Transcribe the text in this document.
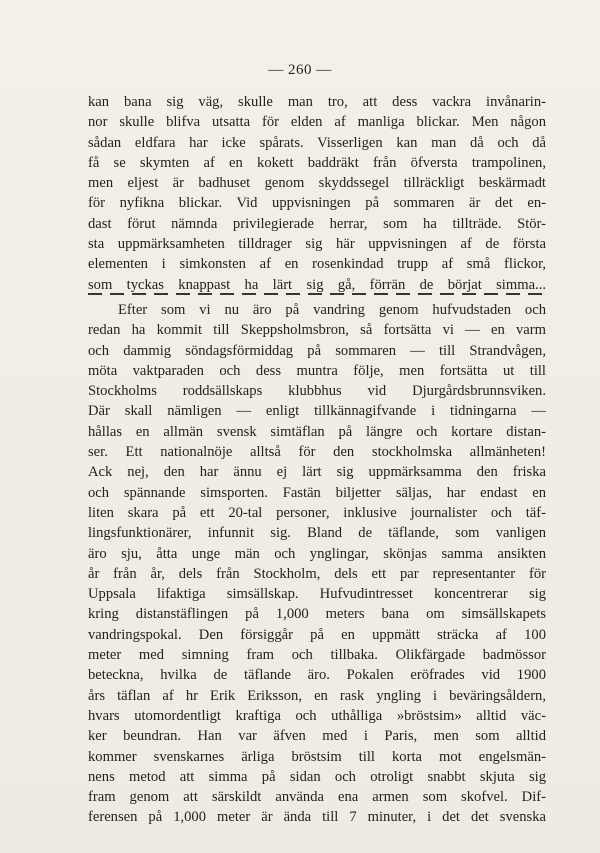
— 260 —
kan bana sig väg, skulle man tro, att dess vackra invånarin-
nor skulle blifva utsatta för elden af manliga blickar. Men någon
sådan eldfara har icke spårats. Visserligen kan man då och då
få se skymten af en kokett baddräkt från öfversta trampolinen,
men eljest är badhuset genom skyddssegel tillräckligt beskärmadt
för nyfikna blickar. Vid uppvisningen på sommaren är det en-
dast förut nämnda privilegierade herrar, som ha tillträde. Stör-
sta uppmärksamheten tilldrager sig här uppvisningen af de första
elementen i simkonsten af en rosenkindad trupp af små flickor,
som tyckas knappast ha lärt sig gå, förrän de börjat simma...
Efter som vi nu äro på vandring genom hufvudstaden och
redan ha kommit till Skeppsholmsbron, så fortsätta vi — en varm
och dammig söndagsförmiddag på sommaren — till Strandvågen,
möta vaktparaden och dess muntra följe, men fortsätta ut till
Stockholms roddsällskaps klubbhus vid Djurgårdsbrunnsviken.
Där skall nämligen — enligt tillkännagifvande i tidningarna —
hållas en allmän svensk simtäflan på längre och kortare distan-
ser. Ett nationalnöje alltså för den stockholmska allmänheten!
Ack nej, den har ännu ej lärt sig uppmärksamma den friska
och spännande simsporten. Fastän biljetter säljas, har endast en
liten skara på ett 20-tal personer, inklusive journalister och täf-
lingsfunktionärer, infunnit sig. Bland de täflande, som vanligen
äro sju, åtta unge män och ynglingar, skönjas samma ansikten
år från år, dels från Stockholm, dels ett par representanter för
Uppsala lifaktiga simsällskap. Hufvudintresset koncentrerar sig
kring distanstäflingen på 1,000 meters bana om simsällskapets
vandringspokal. Den försiggår på en uppmätt sträcka af 100
meter med simning fram och tillbaka. Olikfärgade badmössor
beteckna, hvilka de täflande äro. Pokalen eröfrades vid 1900
års täflan af hr Erik Eriksson, en rask yngling i beväringsåldern,
hvars utomordentligt kraftiga och uthålliga »bröstsim» alltid väc-
ker beundran. Han var äfven med i Paris, men som alltid
kommer svenskarnes ärliga bröstsim till korta mot engelsmän-
nens metod att simma på sidan och otroligt snabbt skjuta sig
fram genom att särskildt använda ena armen som skofvel. Dif-
ferensen på 1,000 meter är ända till 7 minuter, i det det svenska
